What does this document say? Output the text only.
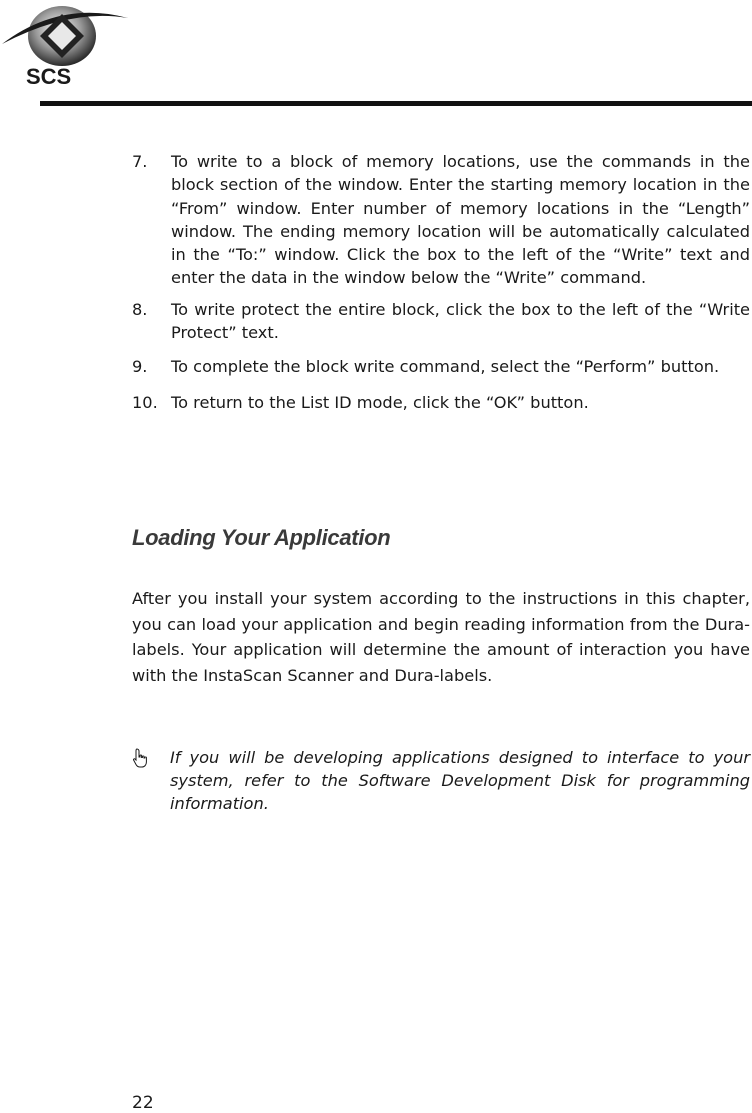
SCS
7. To write to a block of memory locations, use the commands in the block section of the window. Enter the starting memory location in the “From” window. Enter number of memory locations in the “Length” window. The ending memory location will be automatically calculated in the “To:” window. Click the box to the left of the “Write” text and enter the data in the window below the “Write” command.
8. To write protect the entire block, click the box to the left of the “Write Protect” text.
9. To complete the block write command, select the “Perform” button.
10. To return to the List ID mode, click the “OK” button.
Loading Your Application

After you install your system according to the instructions in this chapter, you can load your application and begin reading information from the Dura-labels. Your application will determine the amount of interaction you have with the InstaScan Scanner and Dura-labels.

If you will be developing applications designed to interface to your system, refer to the Software Development Disk for programming information.

22
